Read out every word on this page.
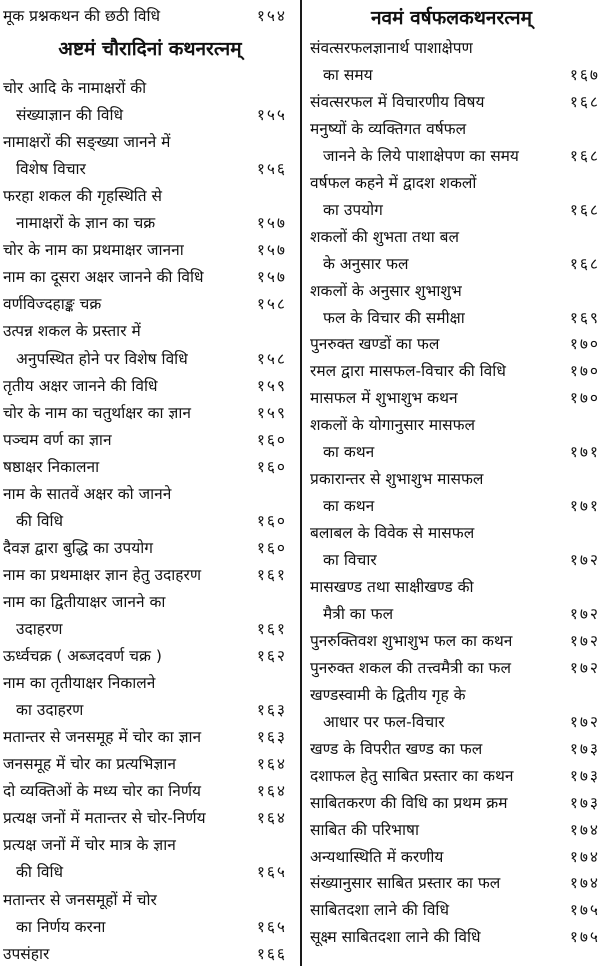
मूक प्रश्नकथन की छठी विधि	१५४
अष्टमं चौरादिनां कथनरत्नम्
चोर आदि के नामाक्षरों की
संख्याज्ञान की विधि	१५५
नामाक्षरों की सङ्ख्या जानने में
विशेष विचार	१५६
फरहा शकल की गृहस्थिति से
नामाक्षरों के ज्ञान का चक्र	१५७
चोर के नाम का प्रथमाक्षर जानना	१५७
नाम का दूसरा अक्षर जानने की विधि	१५७
वर्णविज्दहाङ्क चक्र	१५८
उत्पन्न शकल के प्रस्तार में
अनुपस्थित होने पर विशेष विधि	१५८
तृतीय अक्षर जानने की विधि	१५९
चोर के नाम का चतुर्थाक्षर का ज्ञान	१५९
पञ्चम वर्ण का ज्ञान	१६०
षष्ठाक्षर निकालना	१६०
नाम के सातवें अक्षर को जानने
की विधि	१६०
दैवज्ञ द्वारा बुद्धि का उपयोग	१६०
नाम का प्रथमाक्षर ज्ञान हेतु उदाहरण	१६१
नाम का द्वितीयाक्षर जानने का
उदाहरण	१६१
ऊर्ध्वचक्र ( अब्जदवर्ण चक्र )	१६२
नाम का तृतीयाक्षर निकालने
का उदाहरण	१६३
मतान्तर से जनसमूह में चोर का ज्ञान	१६३
जनसमूह में चोर का प्रत्यभिज्ञान	१६४
दो व्यक्तिओं के मध्य चोर का निर्णय	१६४
प्रत्यक्ष जनों में मतान्तर से चोर-निर्णय	१६४
प्रत्यक्ष जनों में चोर मात्र के ज्ञान
की विधि	१६५
मतान्तर से जनसमूहों में चोर
का निर्णय करना	१६५
उपसंहार	१६६
नवमं वर्षफलकथनरत्नम्
संवत्सरफलज्ञानार्थ पाशाक्षेपण
का समय	१६७
संवत्सरफल में विचारणीय विषय	१६८
मनुष्यों के व्यक्तिगत वर्षफल
जानने के लिये पाशाक्षेपण का समय	१६८
वर्षफल कहने में द्वादश शकलों
का उपयोग	१६८
शकलों की शुभता तथा बल
के अनुसार फल	१६८
शकलों के अनुसार शुभाशुभ
फल के विचार की समीक्षा	१६९
पुनरुक्त खण्डों का फल	१७०
रमल द्वारा मासफल-विचार की विधि	१७०
मासफल में शुभाशुभ कथन	१७०
शकलों के योगानुसार मासफल
का कथन	१७१
प्रकारान्तर से शुभाशुभ मासफल
का कथन	१७१
बलाबल के विवेक से मासफल
का विचार	१७२
मासखण्ड तथा साक्षीखण्ड की
मैत्री का फल	१७२
पुनरुक्तिवश शुभाशुभ फल का कथन	१७२
पुनरुक्त शकल की तत्त्वमैत्री का फल	१७२
खण्डस्वामी के द्वितीय गृह के
आधार पर फल-विचार	१७२
खण्ड के विपरीत खण्ड का फल	१७३
दशाफल हेतु साबित प्रस्तार का कथन	१७३
साबितकरण की विधि का प्रथम क्रम	१७३
साबित की परिभाषा	१७४
अन्यथास्थिति में करणीय	१७४
संख्यानुसार साबित प्रस्तार का फल	१७४
साबितदशा लाने की विधि	१७५
सूक्ष्म साबितदशा लाने की विधि	१७५
